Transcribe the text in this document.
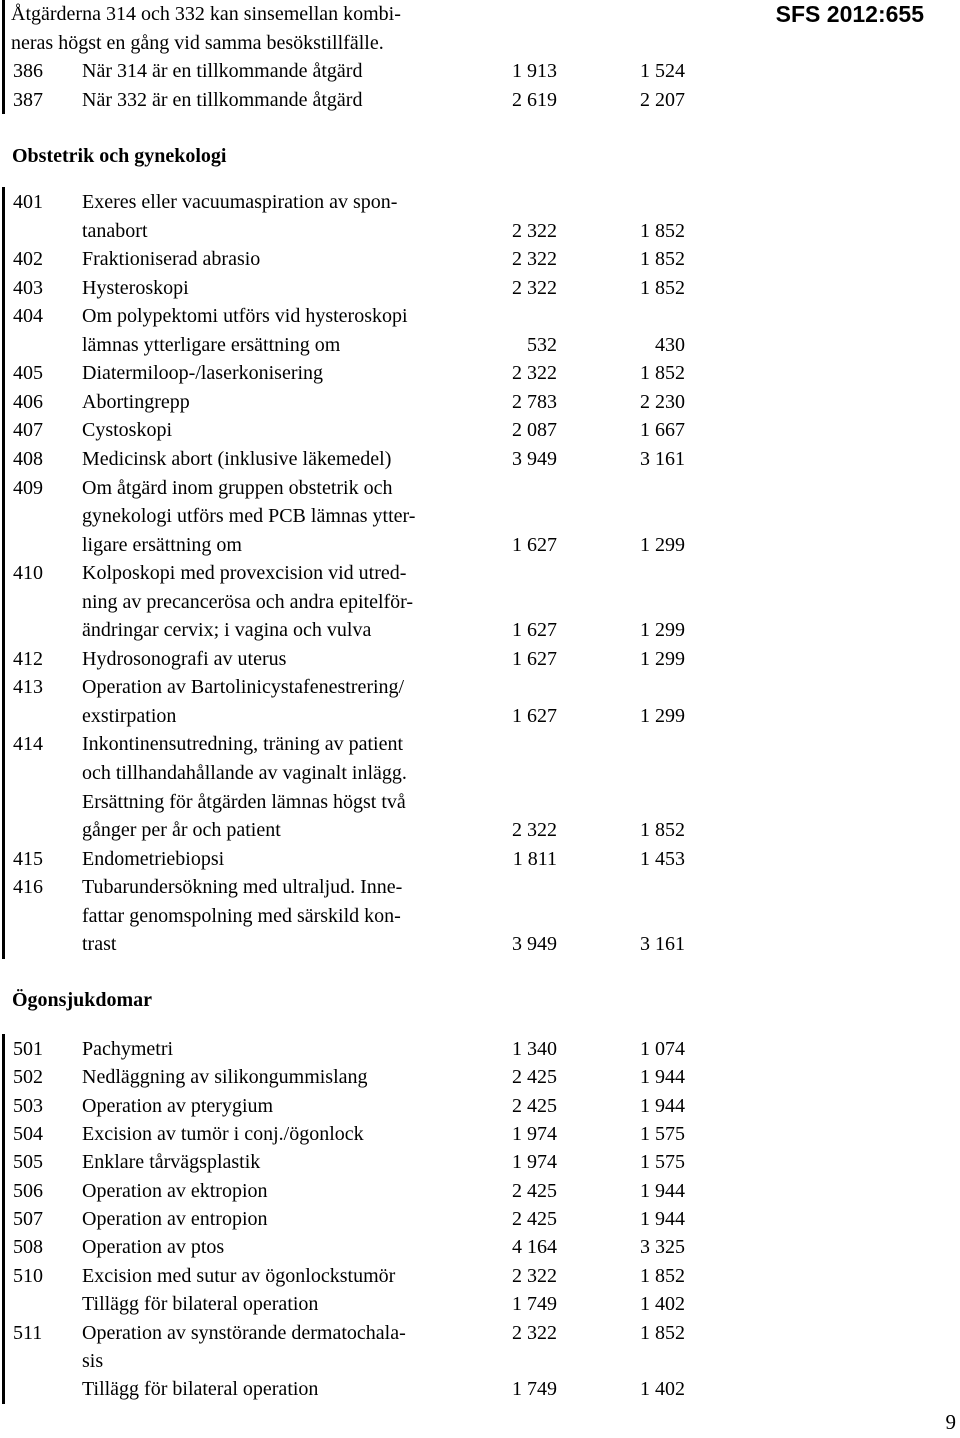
SFS 2012:655
Åtgärderna 314 och 332 kan sinsemellan kombi-
neras högst en gång vid samma besökstillfälle.
386 När 314 är en tillkommande åtgärd	1 913	1 524
387 När 332 är en tillkommande åtgärd	2 619	2 207
Obstetrik och gynekologi
401 Exeres eller vacuumaspiration av spon-
tanabort	2 322	1 852
402 Fraktioniserad abrasio	2 322	1 852
403 Hysteroskopi	2 322	1 852
404 Om polypektomi utförs vid hysteroskopi
lämnas ytterligare ersättning om	532	430
405 Diatermiloop-/laserkonisering	2 322	1 852
406 Abortingrepp	2 783	2 230
407 Cystoskopi	2 087	1 667
408 Medicinsk abort (inklusive läkemedel)	3 949	3 161
409 Om åtgärd inom gruppen obstetrik och
gynekologi utförs med PCB lämnas ytter-
ligare ersättning om	1 627	1 299
410 Kolposkopi med provexcision vid utred-
ning av precancerösa och andra epitelför-
ändringar cervix; i vagina och vulva	1 627	1 299
412 Hydrosonografi av uterus	1 627	1 299
413 Operation av Bartolinicystafenestrering/
exstirpation	1 627	1 299
414 Inkontinensutredning, träning av patient
och tillhandahållande av vaginalt inlägg.
Ersättning för åtgärden lämnas högst två
gånger per år och patient	2 322	1 852
415 Endometriebiopsi	1 811	1 453
416 Tubarundersökning med ultraljud. Inne-
fattar genomspolning med särskild kon-
trast	3 949	3 161
Ögonsjukdomar
501 Pachymetri	1 340	1 074
502 Nedläggning av silikongummislang	2 425	1 944
503 Operation av pterygium	2 425	1 944
504 Excision av tumör i conj./ögonlock	1 974	1 575
505 Enklare tårvägsplastik	1 974	1 575
506 Operation av ektropion	2 425	1 944
507 Operation av entropion	2 425	1 944
508 Operation av ptos	4 164	3 325
510 Excision med sutur av ögonlockstumör	2 322	1 852
Tillägg för bilateral operation	1 749	1 402
511 Operation av synstörande dermatochala-	2 322	1 852
sis
Tillägg för bilateral operation	1 749	1 402
9
